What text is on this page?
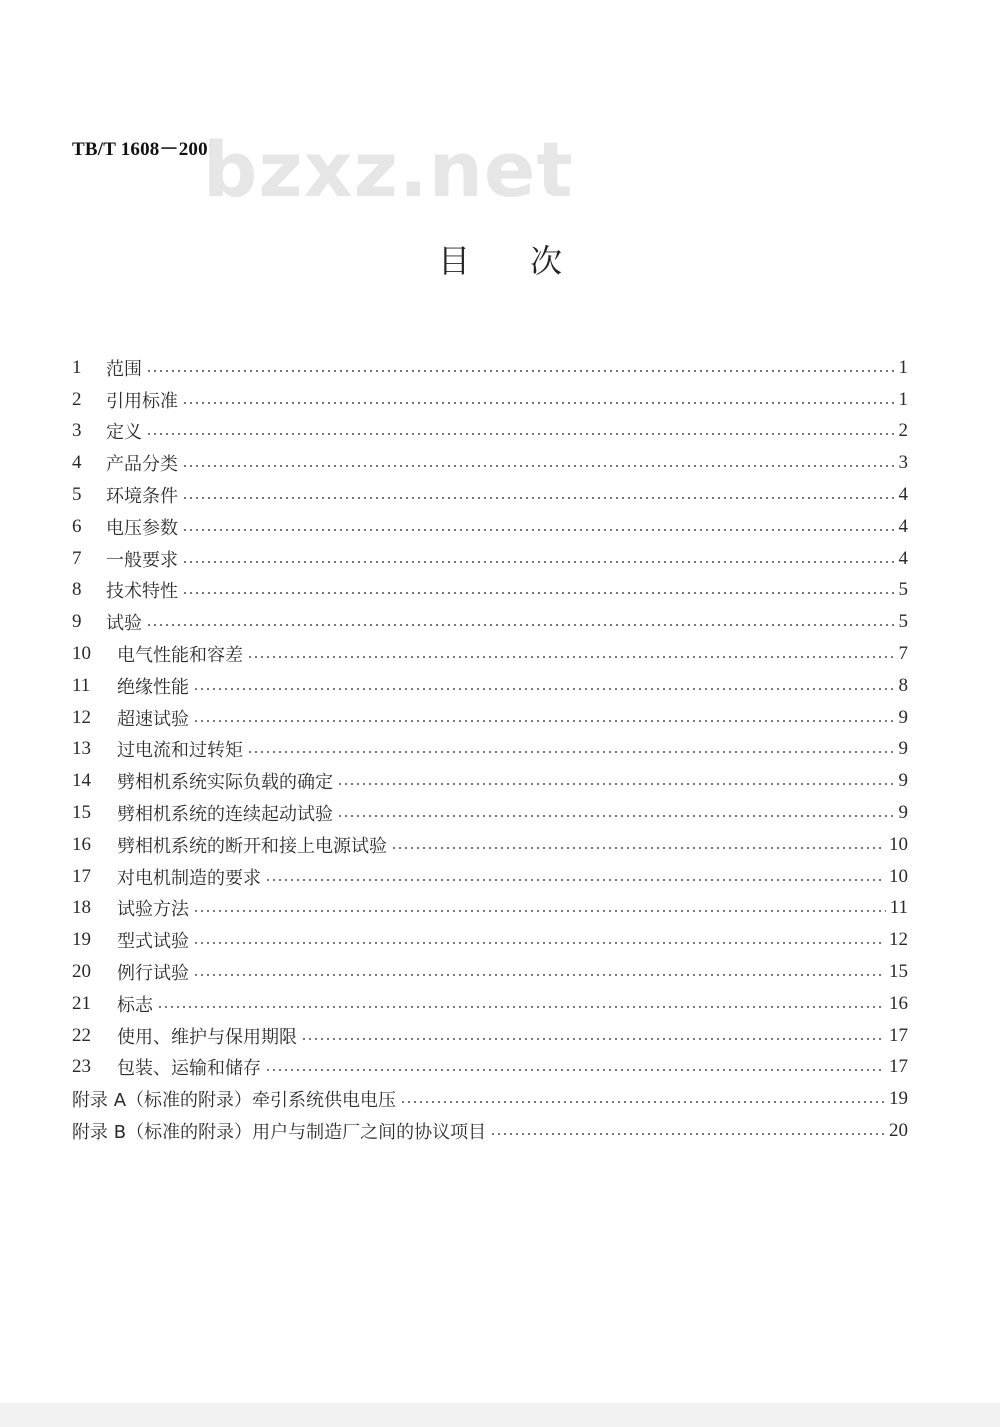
TB/T 1608－2001
bzxz.net
目次
1	范围	1
2	引用标准	1
3	定义	2
4	产品分类	3
5	环境条件	4
6	电压参数	4
7	一般要求	4
8	技术特性	5
9	试验	5
10	电气性能和容差	7
11	绝缘性能	8
12	超速试验	9
13	过电流和过转矩	9
14	劈相机系统实际负载的确定	9
15	劈相机系统的连续起动试验	9
16	劈相机系统的断开和接上电源试验	10
17	对电机制造的要求	10
18	试验方法	11
19	型式试验	12
20	例行试验	15
21	标志	16
22	使用、维护与保用期限	17
23	包装、运输和储存	17
附录 A（标准的附录）牵引系统供电电压	19
附录 B（标准的附录）用户与制造厂之间的协议项目	20
